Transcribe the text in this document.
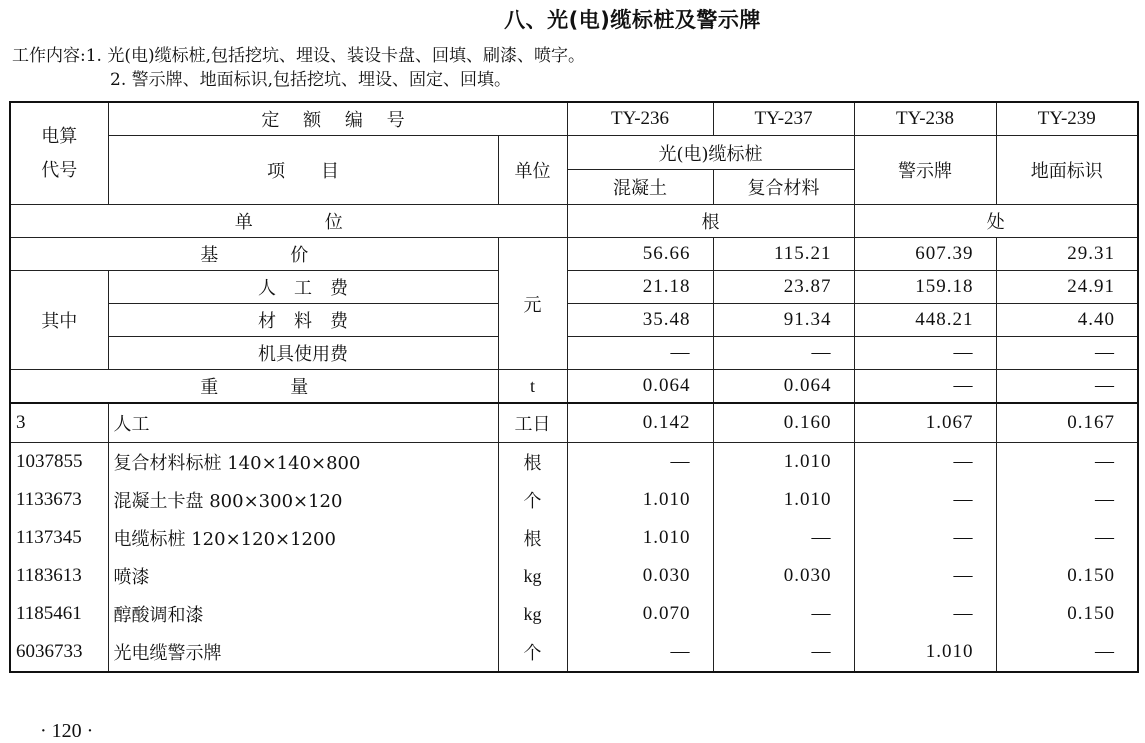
八、光(电)缆标桩及警示牌
工作内容:1. 光(电)缆标桩,包括挖坑、埋设、装设卡盘、回填、刷漆、喷字。
2. 警示牌、地面标识,包括挖坑、埋设、固定、回填。
电算
代号	定 额 编 号		TY-236	TY-237	TY-238	TY-239
	项　　目	单位	光(电)缆标桩		警示牌	地面标识
			混凝土	复合材料		
单　　　　位			根		处	
基　　　　价		元	56.66	115.21	607.39	29.31
其中	人　工　费		21.18	23.87	159.18	24.91
	材　料　费		35.48	91.34	448.21	4.40
	机具使用费		—	—	—	—
重　　　　量		t	0.064	0.064	—	—
3	人工	工日	0.142	0.160	1.067	0.167
1037855	复合材料标桩 140×140×800	根	—	1.010	—	—
1133673	混凝土卡盘 800×300×120	个	1.010	1.010	—	—
1137345	电缆标桩 120×120×1200	根	1.010	—	—	—
1183613	喷漆	kg	0.030	0.030	—	0.150
1185461	醇酸调和漆	kg	0.070	—	—	0.150
6036733	光电缆警示牌	个	—	—	1.010	—
· 120 ·
